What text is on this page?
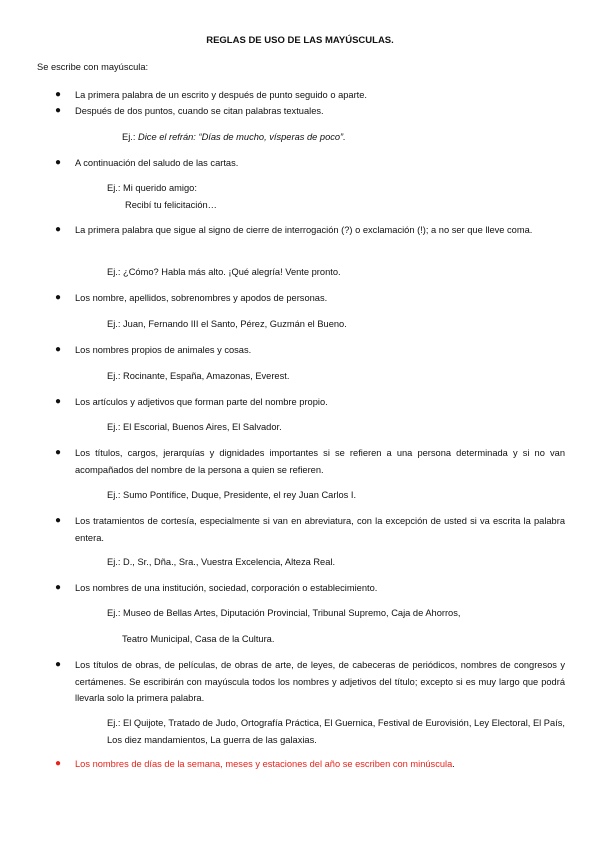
REGLAS DE USO DE LAS MAYÚSCULAS.
Se escribe con mayúscula:
● La primera palabra de un escrito y después de punto seguido o aparte.
● Después de dos puntos, cuando se citan palabras textuales.
Ej.: Dice el refrán: “Días de mucho, vísperas de poco”.
● A continuación del saludo de las cartas.
Ej.: Mi querido amigo:
Recibí tu felicitación…
● La primera palabra que sigue al signo de cierre de interrogación (?) o exclamación (!); a no ser que lleve coma.
Ej.: ¿Cómo? Habla más alto. ¡Qué alegría! Vente pronto.
● Los nombre, apellidos, sobrenombres y apodos de personas.
Ej.: Juan, Fernando III el Santo, Pérez, Guzmán el Bueno.
● Los nombres propios de animales y cosas.
Ej.: Rocinante, España, Amazonas, Everest.
● Los artículos y adjetivos que forman parte del nombre propio.
Ej.: El Escorial, Buenos Aires, El Salvador.
● Los títulos, cargos, jerarquías y dignidades importantes si se refieren a una persona determinada y si no van acompañados del nombre de la persona a quien se refieren.
Ej.: Sumo Pontífice, Duque, Presidente, el rey Juan Carlos I.
● Los tratamientos de cortesía, especialmente si van en abreviatura, con la excepción de usted si va escrita la palabra entera.
Ej.: D., Sr., Dña., Sra., Vuestra Excelencia, Alteza Real.
● Los nombres de una institución, sociedad, corporación o establecimiento.
Ej.: Museo de Bellas Artes, Diputación Provincial, Tribunal Supremo, Caja de Ahorros,
Teatro Municipal, Casa de la Cultura.
● Los títulos de obras, de películas, de obras de arte, de leyes, de cabeceras de periódicos, nombres de congresos y certámenes. Se escribirán con mayúscula todos los nombres y adjetivos del título; excepto si es muy largo que podrá llevarla solo la primera palabra.
Ej.: El Quijote, Tratado de Judo, Ortografía Práctica, El Guernica, Festival de Eurovisión, Ley Electoral, El País, Los diez mandamientos, La guerra de las galaxias.
● Los nombres de días de la semana, meses y estaciones del año se escriben con minúscula.
